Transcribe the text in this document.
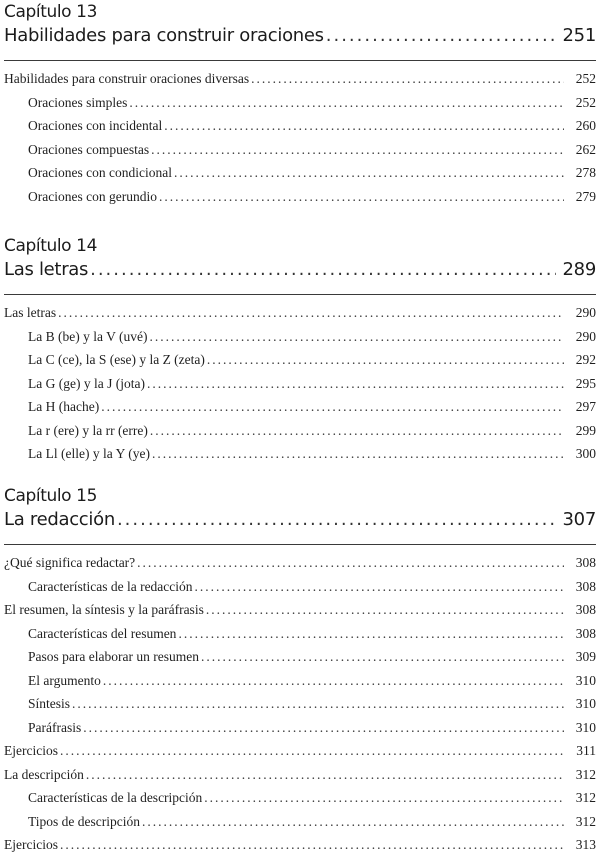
Capítulo 13
Habilidades para construir oraciones .....	251
Habilidades para construir oraciones diversas .....	252
Oraciones simples .....	252
Oraciones con incidental .....	260
Oraciones compuestas .....	262
Oraciones con condicional .....	278
Oraciones con gerundio .....	279
Capítulo 14
Las letras .....	289
Las letras .....	290
La B (be) y la V (uvé) .....	290
La C (ce), la S (ese) y la Z (zeta) .....	292
La G (ge) y la J (jota) .....	295
La H (hache) .....	297
La r (ere) y la rr (erre) .....	299
La Ll (elle) y la Y (ye) .....	300
Capítulo 15
La redacción .....	307
¿Qué significa redactar? .....	308
Características de la redacción .....	308
El resumen, la síntesis y la paráfrasis .....	308
Características del resumen .....	308
Pasos para elaborar un resumen .....	309
El argumento .....	310
Síntesis .....	310
Paráfrasis .....	310
Ejercicios .....	311
La descripción .....	312
Características de la descripción .....	312
Tipos de descripción .....	312
Ejercicios .....	313
